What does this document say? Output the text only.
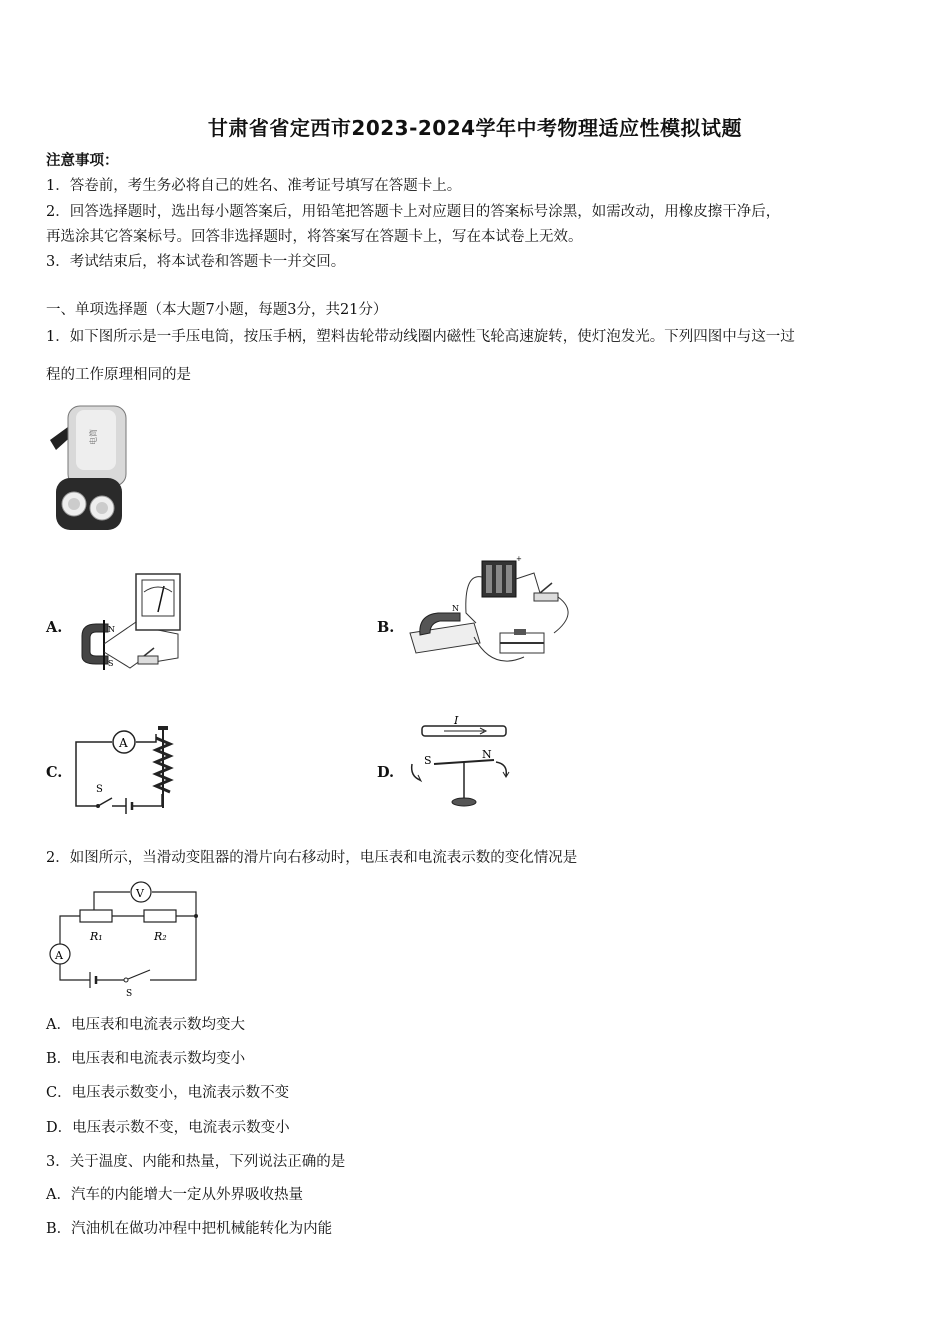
甘肃省省定西市2023-2024学年中考物理适应性模拟试题
注意事项：
1．答卷前，考生务必将自己的姓名、准考证号填写在答题卡上。
2．回答选择题时，选出每小题答案后，用铅笔把答题卡上对应题目的答案标号涂黑，如需改动，用橡皮擦干净后，
再选涂其它答案标号。回答非选择题时，将答案写在答题卡上，写在本试卷上无效。
3．考试结束后，将本试卷和答题卡一并交回。
一、单项选择题（本大题7小题，每题3分，共21分）
1．如下图所示是一手压电筒，按压手柄，塑料齿轮带动线圈内磁性飞轮高速旋转，使灯泡发光。下列四图中与这一过
程的工作原理相同的是
电筒
A.	N
S
B.
+
N
C.
A
S
D.
I
S	N
2．如图所示，当滑动变阻器的滑片向右移动时，电压表和电流表示数的变化情况是
V
R₁	R₂
A
S
A．电压表和电流表示数均变大
B．电压表和电流表示数均变小
C．电压表示数变小，电流表示数不变
D．电压表示数不变，电流表示数变小
3．关于温度、内能和热量，下列说法正确的是
A．汽车的内能增大一定从外界吸收热量
B．汽油机在做功冲程中把机械能转化为内能
